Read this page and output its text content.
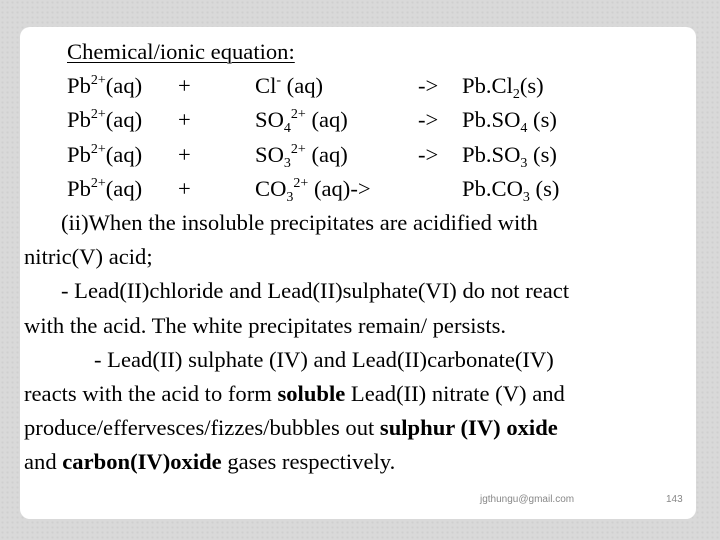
Chemical/ionic equation:
$Pb^{2+}(aq)$ +	Cl- (aq)	-> $Pb.Cl_2(s)$
$Pb^{2+}(aq)$ +	$SO_4^{2+}$ (aq)	-> $Pb.SO_4$ (s)
$Pb^{2+}(aq)$ +	$SO_3^{2+}$ (aq)	-> $Pb.SO_3$ (s)
$Pb^{2+}(aq)$ +	$CO_3^{2+}$ (aq)->	$Pb.CO_3$ (s)
(ii)When the insoluble precipitates are acidified with
nitric(V) acid;
- Lead(II)chloride and Lead(II)sulphate(VI) do not react
with the acid. The white precipitates remain/ persists.
- Lead(II) sulphate (IV) and Lead(II)carbonate(IV)
reacts with the acid to form soluble Lead(II) nitrate (V) and
produce/effervesces/fizzes/bubbles out sulphur (IV) oxide
and carbon(IV)oxide gases respectively.
jgthungu@gmail.com	143
